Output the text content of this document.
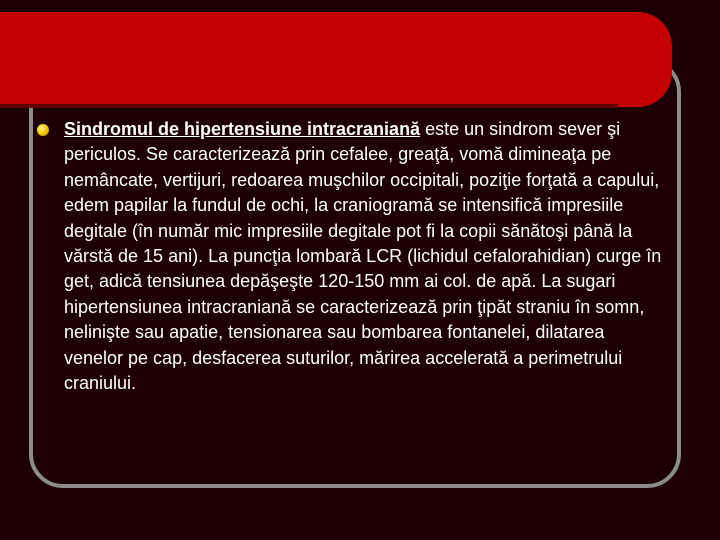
Sindromul de hipertensiune intracraniană este un sindrom sever şi periculos. Se caracterizează prin cefalee, greaţă, vomă dimineaţa pe nemâncate, vertijuri, redoarea muşchilor occipitali, poziţie forţată a capului, edem papilar la fundul de ochi, la craniogramă se intensifică impresiile degitale (în număr mic impresiile degitale pot fi la copii sănătoşi până la vărstă de 15 ani). La puncţia lombară LCR (lichidul cefalorahidian) curge în get, adică tensiunea depăşeşte 120-150 mm ai col. de apă. La sugari hipertensiunea intracraniană se caracterizează prin ţipăt straniu în somn, nelinişte sau apatie, tensionarea sau bombarea fontanelei, dilatarea venelor pe cap, desfacerea suturilor, mărirea accelerată a perimetrului craniului.
